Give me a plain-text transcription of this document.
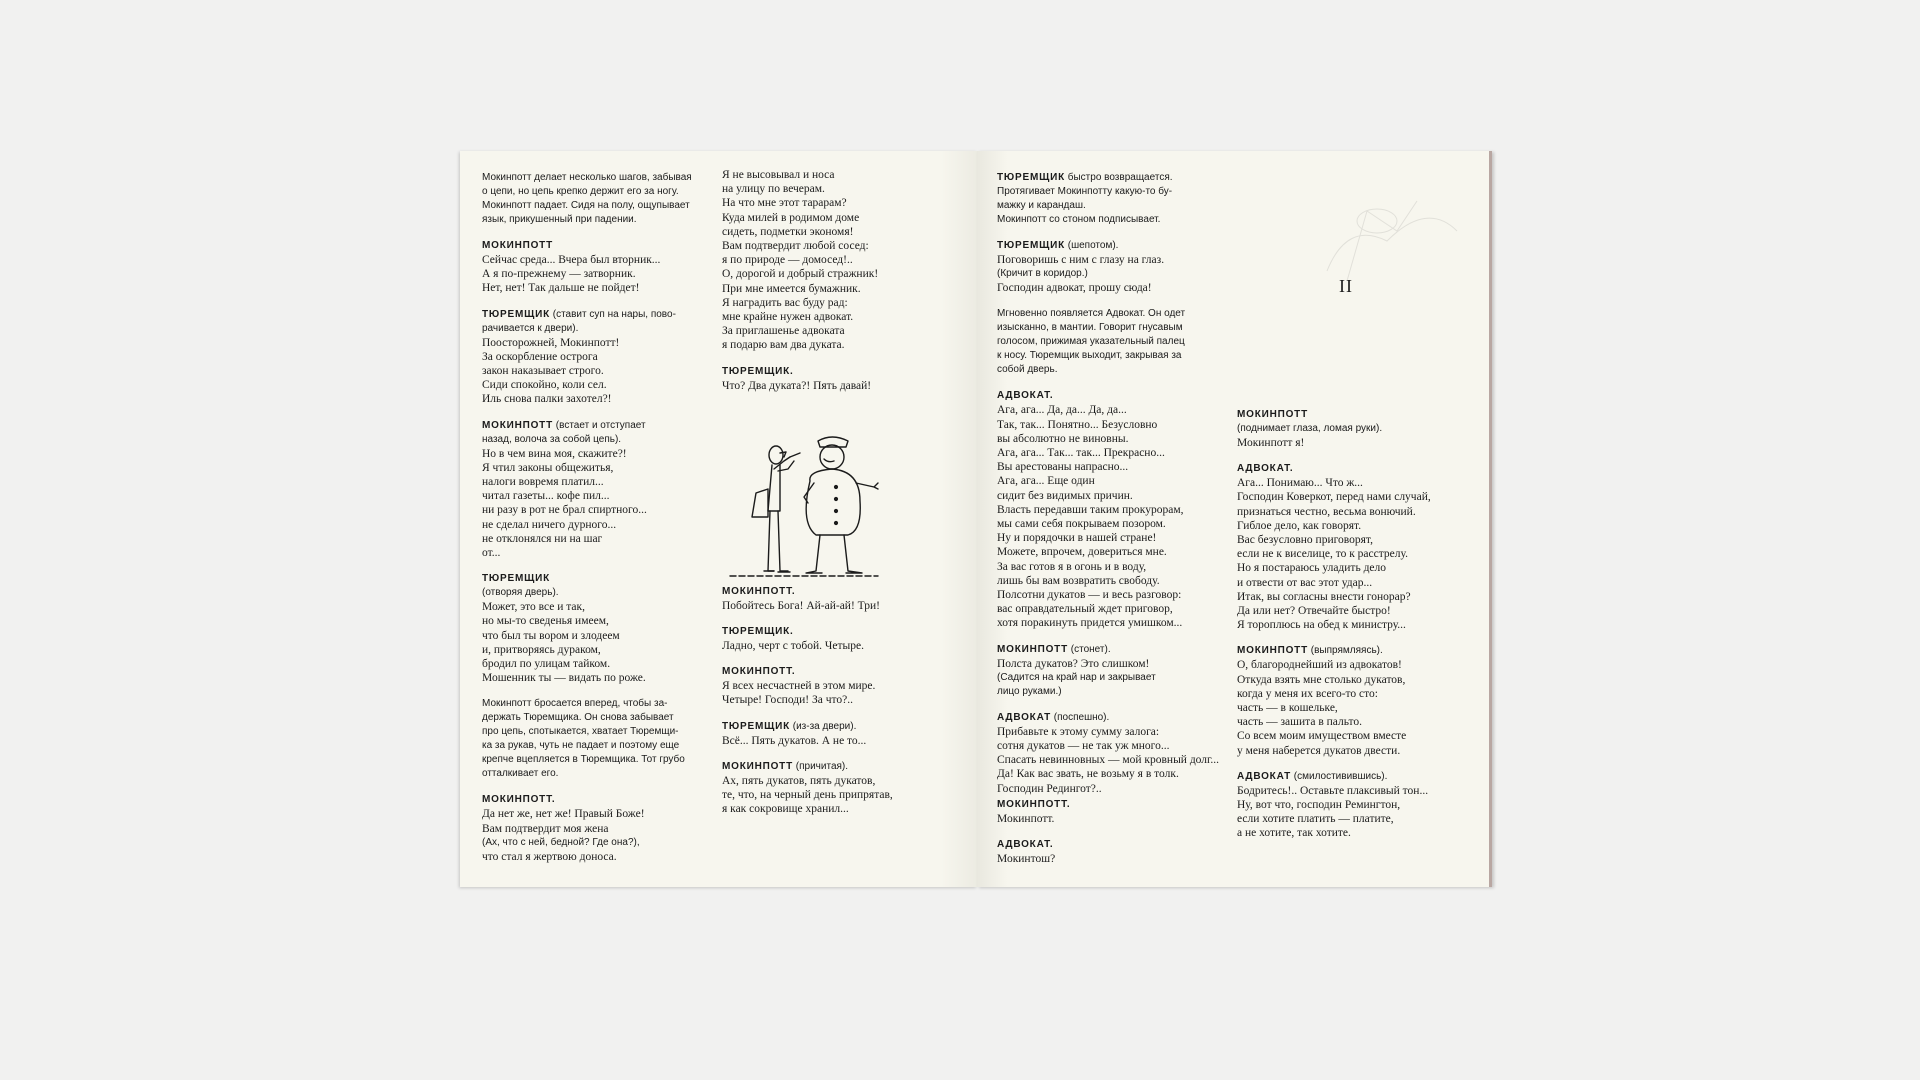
Мокинпотт делает несколько шагов, забывая
о цепи, но цепь крепко держит его за ногу.
Мокинпотт падает. Сидя на полу, ощупывает
язык, прикушенный при падении.
МОКИНПОТТ
Сейчас среда... Вчера был вторник...
А я по-прежнему — затворник.
Нет, нет! Так дальше не пойдет!
ТЮРЕМЩИК (ставит суп на нары, пово-
рачивается к двери).
Поосторожней, Мокинпотт!
За оскорбление острога
закон наказывает строго.
Сиди спокойно, коли сел.
Иль снова палки захотел?!
МОКИНПОТТ (встает и отступает
назад, волоча за собой цепь).
Но в чем вина моя, скажите?!
Я чтил законы общежитья,
налоги вовремя платил...
читал газеты... кофе пил...
ни разу в рот не брал спиртного...
не сделал ничего дурного...
не отклонялся ни на шаг
от...
ТЮРЕМЩИК
(отворяя дверь).
Может, это все и так,
но мы-то сведенья имеем,
что был ты вором и злодеем
и, притворяясь дураком,
бродил по улицам тайком.
Мошенник ты — видать по роже.
Мокинпотт бросается вперед, чтобы за-
держать Тюремщика. Он снова забывает
про цепь, спотыкается, хватает Тюремщи-
ка за рукав, чуть не падает и поэтому еще
крепче вцепляется в Тюремщика. Тот грубо
отталкивает его.
МОКИНПОТТ.
Да нет же, нет же! Правый Боже!
Вам подтвердит моя жена
(Ах, что с ней, бедной? Где она?),
что стал я жертвою доноса.
Я не высовывал и носа
на улицу по вечерам.
На что мне этот тарарам?
Куда милей в родимом доме
сидеть, подметки экономя!
Вам подтвердит любой сосед:
я по природе — домосед!..
О, дорогой и добрый стражник!
При мне имеется бумажник.
Я наградить вас буду рад:
мне крайне нужен адвокат.
За приглашенье адвоката
я подарю вам два дуката.
ТЮРЕМЩИК.
Что? Два дуката?! Пять давай!
МОКИНПОТТ.
Побойтесь Бога! Ай-ай-ай! Три!
ТЮРЕМЩИК.
Ладно, черт с тобой. Четыре.
МОКИНПОТТ.
Я всех несчастней в этом мире.
Четыре! Господи! За что?..
ТЮРЕМЩИК (из-за двери).
Всё... Пять дукатов. А не то...
МОКИНПОТТ (причитая).
Ах, пять дукатов, пять дукатов,
те, что, на черный день припрятав,
я как сокровище хранил...
ТЮРЕМЩИК быстро возвращается.
Протягивает Мокинпотту какую-то бу-
мажку и карандаш.
Мокинпотт со стоном подписывает.
ТЮРЕМЩИК (шепотом).
Поговоришь с ним с глазу на глаз.
(Кричит в коридор.)
Господин адвокат, прошу сюда!
Мгновенно появляется Адвокат. Он одет
изысканно, в мантии. Говорит гнусавым
голосом, прижимая указательный палец
к носу. Тюремщик выходит, закрывая за
собой дверь.
АДВОКАТ.
Ага, ага... Да, да... Да, да...
Так, так... Понятно... Безусловно
вы абсолютно не виновны.
Ага, ага... Так... так... Прекрасно...
Вы арестованы напрасно...
Ага, ага... Еще один
сидит без видимых причин.
Власть передавши таким прокурорам,
мы сами себя покрываем позором.
Ну и порядочки в нашей стране!
Можете, впрочем, довериться мне.
За вас готов я в огонь и в воду,
лишь бы вам возвратить свободу.
Полсотни дукатов — и весь разговор:
вас оправдательный ждет приговор,
хотя поракинуть придется умишком...
МОКИНПОТТ (стонет).
Полста дукатов? Это слишком!
(Садится на край нар и закрывает
лицо руками.)
АДВОКАТ (поспешно).
Прибавьте к этому сумму залога:
сотня дукатов — не так уж много...
Спасать невинновных — мой кровный долг...
Да! Как вас звать, не возьму я в толк.
Господин Редингот?..
МОКИНПОТТ.
Мокинпотт.
АДВОКАТ.
Мокинтош?
II
МОКИНПОТТ
(поднимает глаза, ломая руки).
Мокинпотт я!
АДВОКАТ.
Ага... Понимаю... Что ж...
Господин Коверкот, перед нами случай,
признаться честно, весьма вонючий.
Гиблое дело, как говорят.
Вас безусловно приговорят,
если не к виселице, то к расстрелу.
Но я постараюсь уладить дело
и отвести от вас этот удар...
Итак, вы согласны внести гонорар?
Да или нет? Отвечайте быстро!
Я тороплюсь на обед к министру...
МОКИНПОТТ (выпрямляясь).
О, благороднейший из адвокатов!
Откуда взять мне столько дукатов,
когда у меня их всего-то сто:
часть — в кошельке,
часть — зашита в пальто.
Со всем моим имуществом вместе
у меня наберется дукатов двести.
АДВОКАТ (смилостивившись).
Бодритесь!.. Оставьте плаксивый тон...
Ну, вот что, господин Ремингтон,
если хотите платить — платите,
а не хотите, так хотите.
